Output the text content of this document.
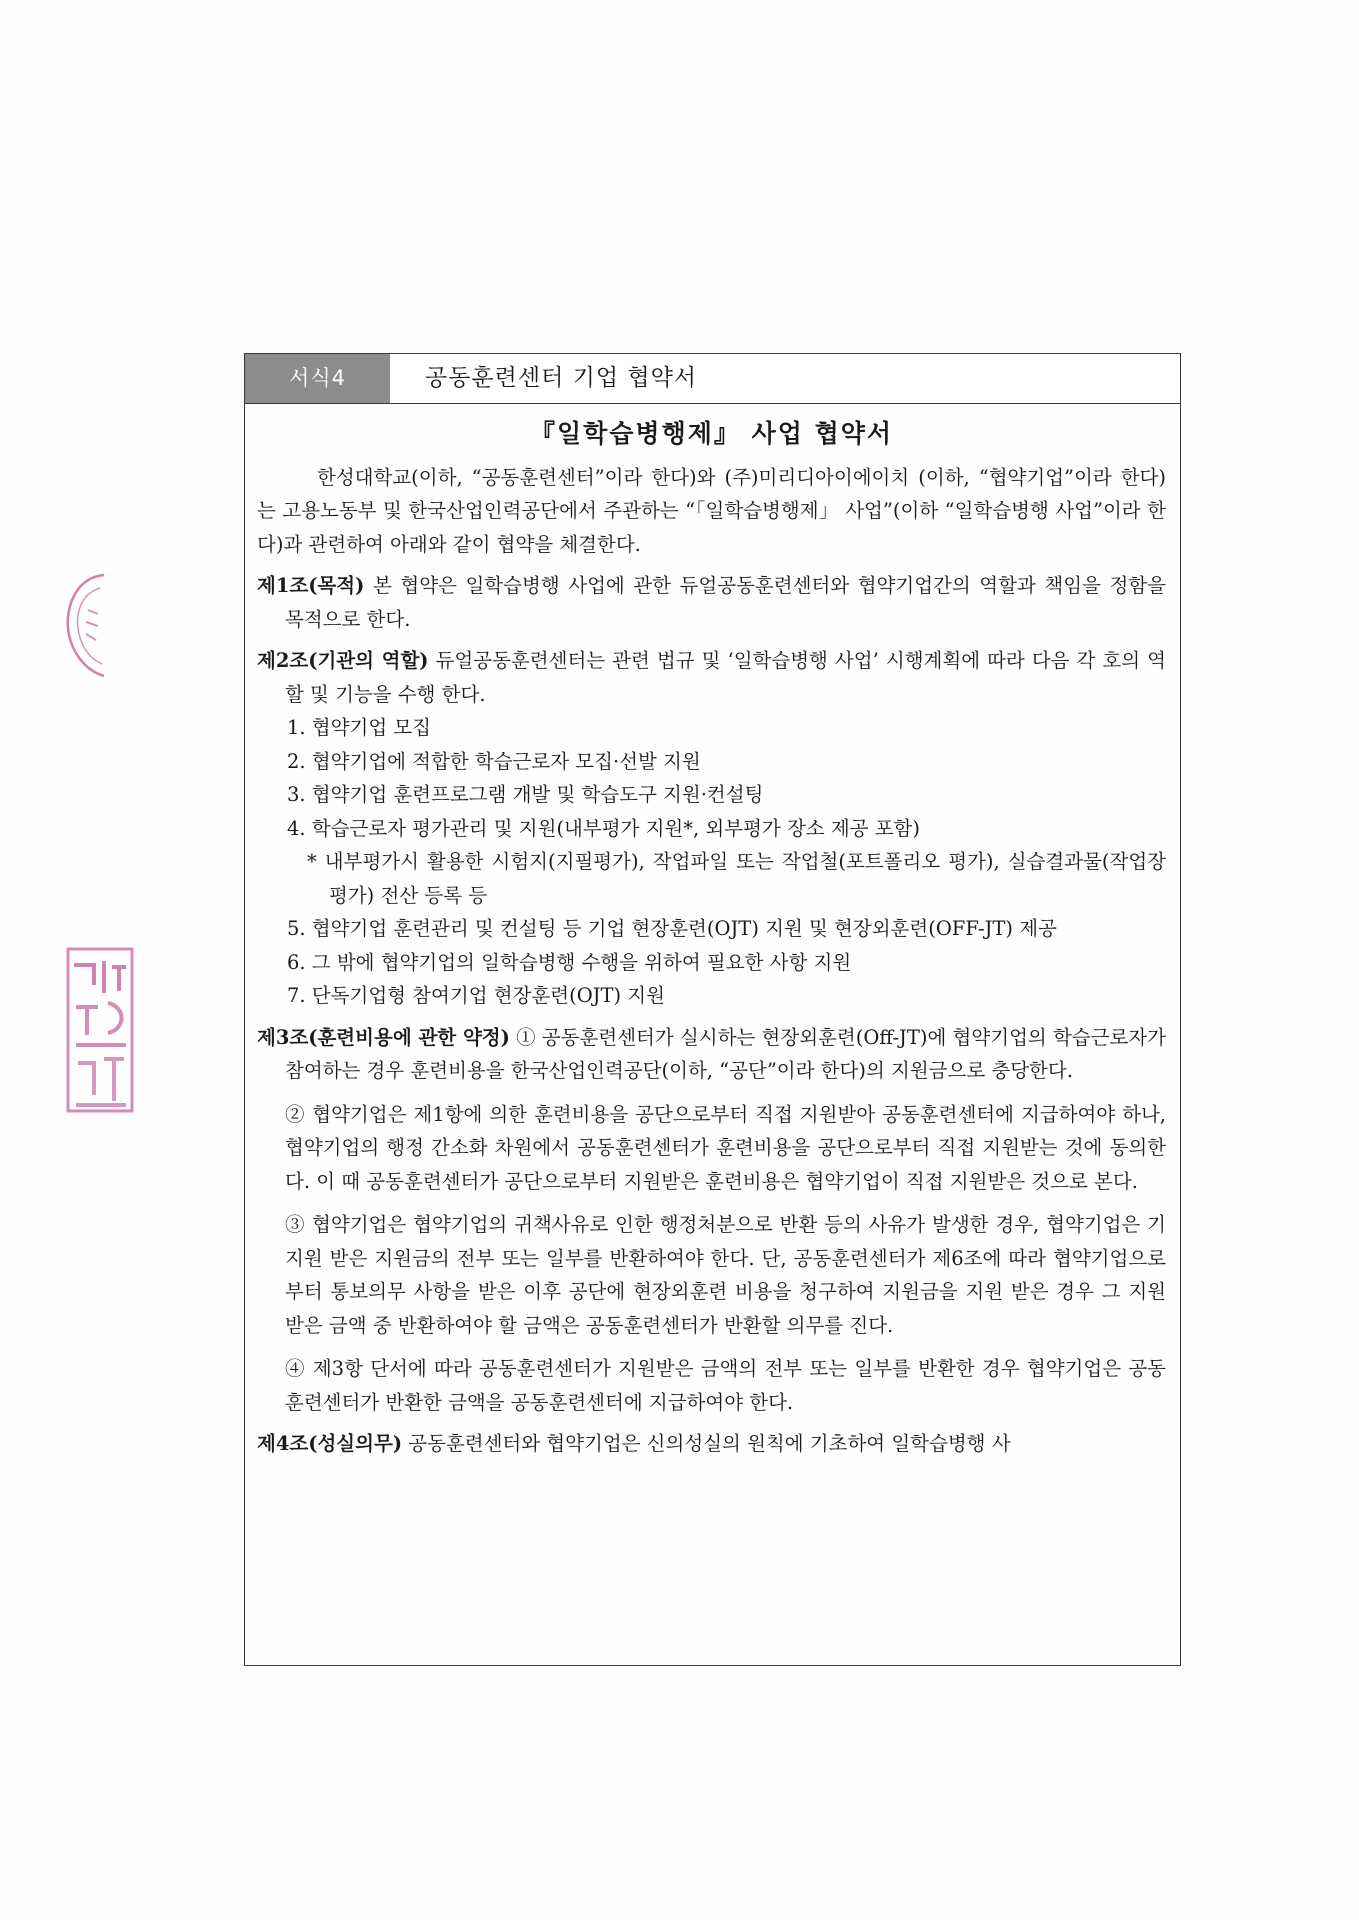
서식4	공동훈련센터 기업 협약서
『일학습병행제』 사업 협약서

한성대학교(이하, “공동훈련센터”이라 한다)와 (주)미리디아이에이치 (이하, “협약기업”이라 한다)는 고용노동부 및 한국산업인력공단에서 주관하는 “「일학습병행제」 사업”(이하 “일학습병행 사업”이라 한다)과 관련하여 아래와 같이 협약을 체결한다.

제1조(목적) 본 협약은 일학습병행 사업에 관한 듀얼공동훈련센터와 협약기업간의 역할과 책임을 정함을 목적으로 한다.

제2조(기관의 역할) 듀얼공동훈련센터는 관련 법규 및 ‘일학습병행 사업’ 시행계획에 따라 다음 각 호의 역할 및 기능을 수행 한다.

1. 협약기업 모집
2. 협약기업에 적합한 학습근로자 모집·선발 지원
3. 협약기업 훈련프로그램 개발 및 학습도구 지원·컨설팅
4. 학습근로자 평가관리 및 지원(내부평가 지원*, 외부평가 장소 제공 포함)

* 내부평가시 활용한 시험지(지필평가), 작업파일 또는 작업철(포트폴리오 평가), 실습결과물(작업장 평가) 전산 등록 등

5. 협약기업 훈련관리 및 컨설팅 등 기업 현장훈련(OJT) 지원 및 현장외훈련(OFF-JT) 제공
6. 그 밖에 협약기업의 일학습병행 수행을 위하여 필요한 사항 지원
7. 단독기업형 참여기업 현장훈련(OJT) 지원

제3조(훈련비용에 관한 약정) ① 공동훈련센터가 실시하는 현장외훈련(Off-JT)에 협약기업의 학습근로자가 참여하는 경우 훈련비용을 한국산업인력공단(이하, “공단”이라 한다)의 지원금으로 충당한다.

② 협약기업은 제1항에 의한 훈련비용을 공단으로부터 직접 지원받아 공동훈련센터에 지급하여야 하나, 협약기업의 행정 간소화 차원에서 공동훈련센터가 훈련비용을 공단으로부터 직접 지원받는 것에 동의한다. 이 때 공동훈련센터가 공단으로부터 지원받은 훈련비용은 협약기업이 직접 지원받은 것으로 본다.

③ 협약기업은 협약기업의 귀책사유로 인한 행정처분으로 반환 등의 사유가 발생한 경우, 협약기업은 기지원 받은 지원금의 전부 또는 일부를 반환하여야 한다. 단, 공동훈련센터가 제6조에 따라 협약기업으로부터 통보의무 사항을 받은 이후 공단에 현장외훈련 비용을 청구하여 지원금을 지원 받은 경우 그 지원 받은 금액 중 반환하여야 할 금액은 공동훈련센터가 반환할 의무를 진다.

④ 제3항 단서에 따라 공동훈련센터가 지원받은 금액의 전부 또는 일부를 반환한 경우 협약기업은 공동훈련센터가 반환한 금액을 공동훈련센터에 지급하여야 한다.

제4조(성실의무) 공동훈련센터와 협약기업은 신의성실의 원칙에 기초하여 일학습병행 사
